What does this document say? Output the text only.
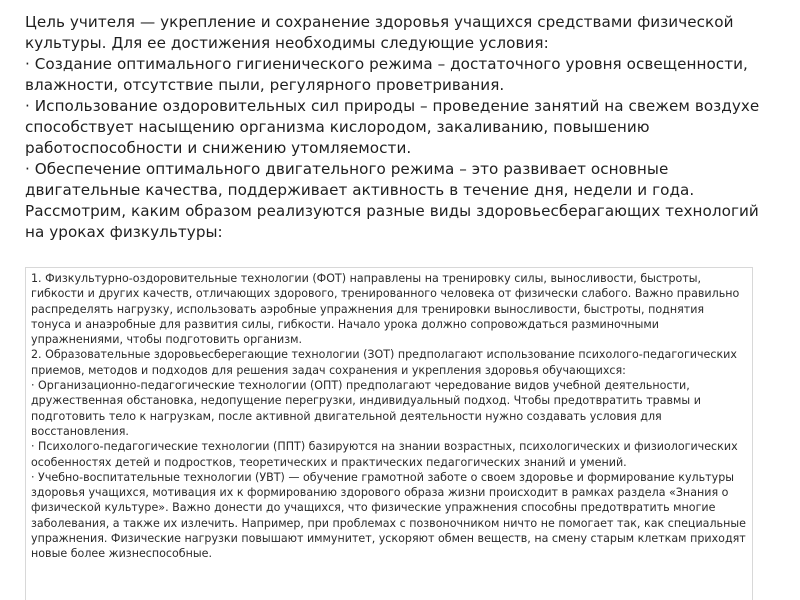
Цель учителя — укрепление и сохранение здоровья учащихся средствами физической культуры. Для ее достижения необходимы следующие условия:

· Создание оптимального гигиенического режима – достаточного уровня освещенности, влажности, отсутствие пыли, регулярного проветривания.

· Использование оздоровительных сил природы – проведение занятий на свежем воздухе способствует насыщению организма кислородом, закаливанию, повышению работоспособности и снижению утомляемости.

· Обеспечение оптимального двигательного режима – это развивает основные двигательные качества, поддерживает активность в течение дня, недели и года. Рассмотрим, каким образом реализуются разные виды здоровьесберагающих технологий на уроках физкультуры:

1. Физкультурно-оздоровительные технологии (ФОТ) направлены на тренировку силы, выносливости, быстроты, гибкости и других качеств, отличающих здорового, тренированного человека от физически слабого. Важно правильно распределять нагрузку, использовать аэробные упражнения для тренировки выносливости, быстроты, поднятия тонуса и анаэробные для развития силы, гибкости. Начало урока должно сопровождаться разминочными упражнениями, чтобы подготовить организм.

2. Образовательные здоровьесберегающие технологии (ЗОТ) предполагают использование психолого-педагогических приемов, методов и подходов для решения задач сохранения и укрепления здоровья обучающихся:

· Организационно-педагогические технологии (ОПТ) предполагают чередование видов учебной деятельности, дружественная обстановка, недопущение перегрузки, индивидуальный подход. Чтобы предотвратить травмы и подготовить тело к нагрузкам, после активной двигательной деятельности нужно создавать условия для восстановления.

· Психолого-педагогические технологии (ППТ) базируются на знании возрастных, психологических и физиологических особенностях детей и подростков, теоретических и практических педагогических знаний и умений.

· Учебно-воспитательные технологии (УВТ) — обучение грамотной заботе о своем здоровье и формирование культуры здоровья учащихся, мотивация их к формированию здорового образа жизни происходит в рамках раздела «Знания о физической культуре». Важно донести до учащихся, что физические упражнения способны предотвратить многие заболевания, а также их излечить. Например, при проблемах с позвоночником ничто не помогает так, как специальные упражнения. Физические нагрузки повышают иммунитет, ускоряют обмен веществ, на смену старым клеткам приходят новые более жизнеспособные.
